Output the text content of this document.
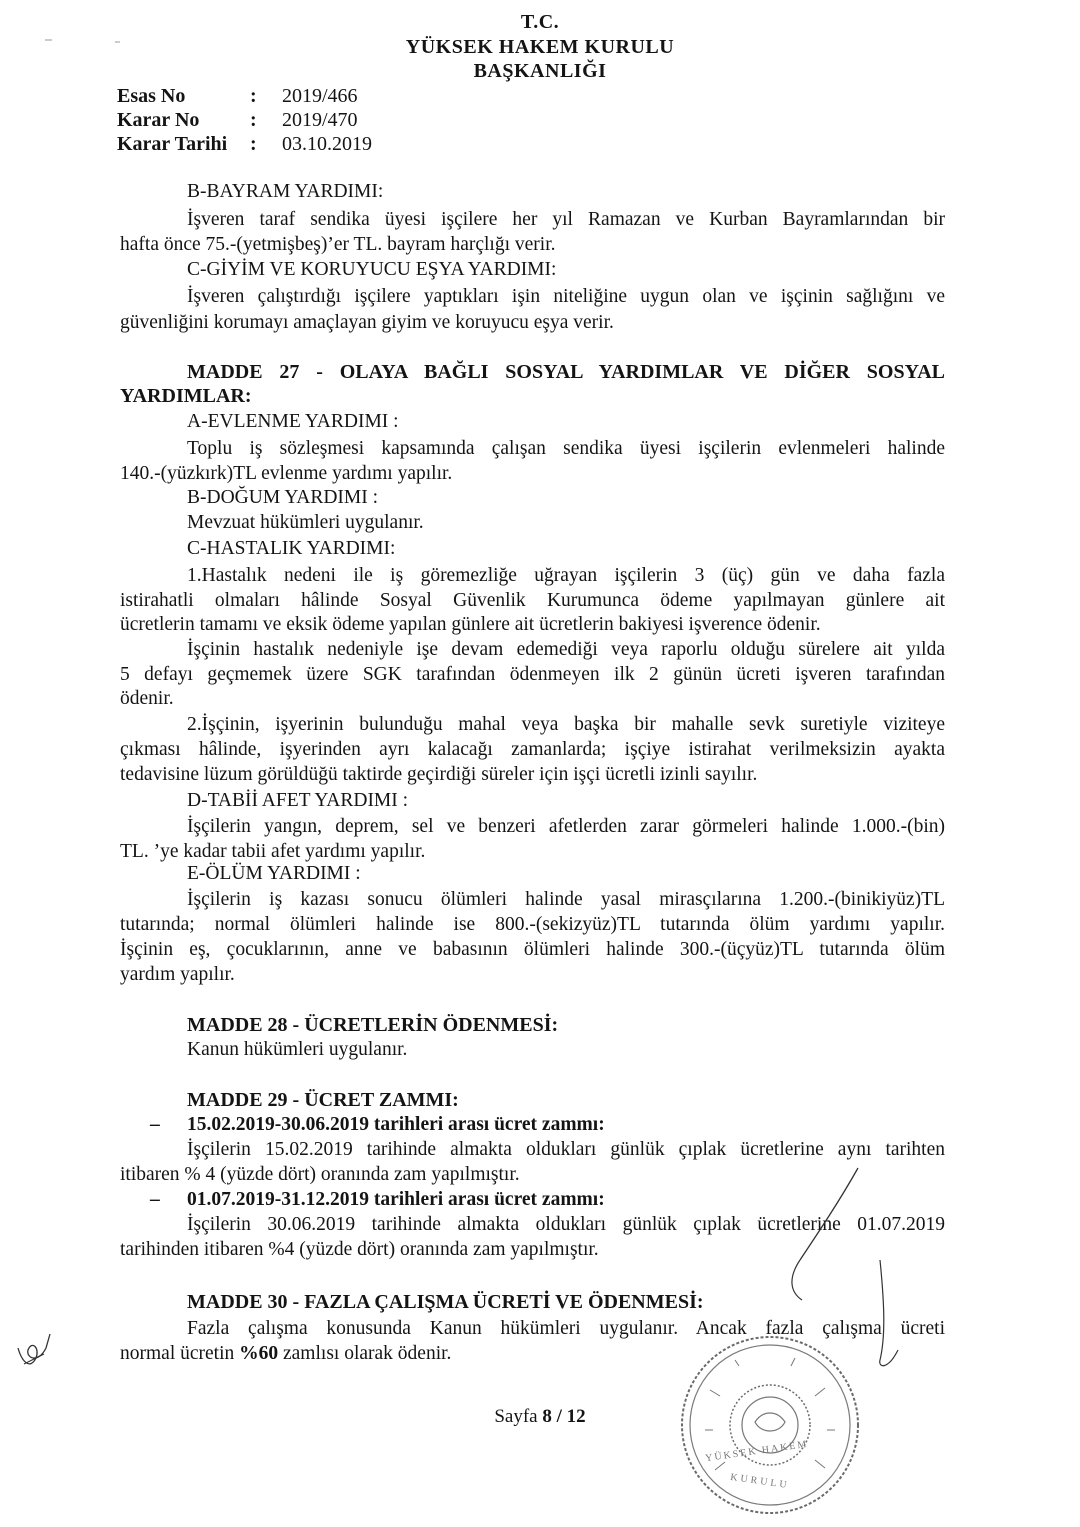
T.C.
YÜKSEK HAKEM KURULU
BAŞKANLIĞI
Esas No	: 2019/466
Karar No	: 2019/470
Karar Tarihi : 03.10.2019
B-BAYRAM YARDIMI:
İşveren taraf sendika üyesi işçilere her yıl Ramazan ve Kurban Bayramlarından bir
hafta önce 75.-(yetmişbeş)’er TL. bayram harçlığı verir.
C-GİYİM VE KORUYUCU EŞYA YARDIMI:
İşveren çalıştırdığı işçilere yaptıkları işin niteliğine uygun olan ve işçinin sağlığını ve
güvenliğini korumayı amaçlayan giyim ve koruyucu eşya verir.
MADDE 27 - OLAYA BAĞLI SOSYAL YARDIMLAR VE DİĞER SOSYAL
YARDIMLAR:
A-EVLENME YARDIMI :
Toplu iş sözleşmesi kapsamında çalışan sendika üyesi işçilerin evlenmeleri halinde
140.-(yüzkırk)TL evlenme yardımı yapılır.
B-DOĞUM YARDIMI :
Mevzuat hükümleri uygulanır.
C-HASTALIK YARDIMI:
1.Hastalık nedeni ile iş göremezliğe uğrayan işçilerin 3 (üç) gün ve daha fazla
istirahatli olmaları hâlinde Sosyal Güvenlik Kurumunca ödeme yapılmayan günlere ait
ücretlerin tamamı ve eksik ödeme yapılan günlere ait ücretlerin bakiyesi işverence ödenir.
İşçinin hastalık nedeniyle işe devam edemediği veya raporlu olduğu sürelere ait yılda
5 defayı geçmemek üzere SGK tarafından ödenmeyen ilk 2 günün ücreti işveren tarafından
ödenir.
2.İşçinin, işyerinin bulunduğu mahal veya başka bir mahalle sevk suretiyle viziteye
çıkması hâlinde, işyerinden ayrı kalacağı zamanlarda; işçiye istirahat verilmeksizin ayakta
tedavisine lüzum görüldüğü taktirde geçirdiği süreler için işçi ücretli izinli sayılır.
D-TABİİ AFET YARDIMI :
İşçilerin yangın, deprem, sel ve benzeri afetlerden zarar görmeleri halinde 1.000.-(bin)
TL. ’ye kadar tabii afet yardımı yapılır.
E-ÖLÜM YARDIMI :
İşçilerin iş kazası sonucu ölümleri halinde yasal mirasçılarına 1.200.-(binikiyüz)TL
tutarında; normal ölümleri halinde ise 800.-(sekizyüz)TL tutarında ölüm yardımı yapılır.
İşçinin eş, çocuklarının, anne ve babasının ölümleri halinde 300.-(üçyüz)TL tutarında ölüm
yardım yapılır.
MADDE 28 - ÜCRETLERİN ÖDENMESİ:
Kanun hükümleri uygulanır.
MADDE 29 - ÜCRET ZAMMI:
– 15.02.2019-30.06.2019 tarihleri arası ücret zammı:
İşçilerin 15.02.2019 tarihinde almakta oldukları günlük çıplak ücretlerine aynı tarihten
itibaren % 4 (yüzde dört) oranında zam yapılmıştır.
– 01.07.2019-31.12.2019 tarihleri arası ücret zammı:
İşçilerin 30.06.2019 tarihinde almakta oldukları günlük çıplak ücretlerine 01.07.2019
tarihinden itibaren %4 (yüzde dört) oranında zam yapılmıştır.
MADDE 30 - FAZLA ÇALIŞMA ÜCRETİ VE ÖDENMESİ:
Fazla çalışma konusunda Kanun hükümleri uygulanır. Ancak fazla çalışma ücreti
normal ücretin %60 zamlısı olarak ödenir.
Sayfa 8 / 12
YÜKSEK HAKEM
KURULU
